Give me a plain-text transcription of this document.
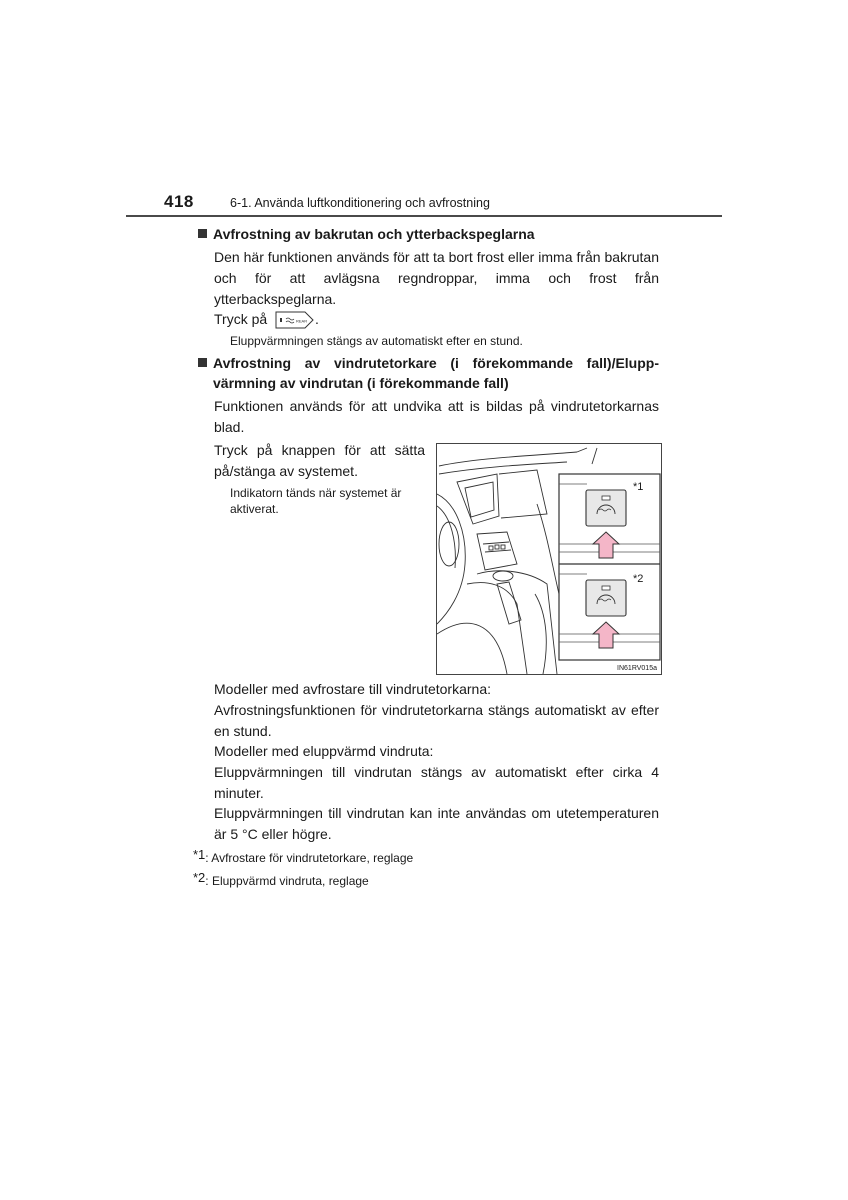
418	6-1. Använda luftkonditionering och avfrostning
Avfrostning av bakrutan och ytterbackspeglarna
Den här funktionen används för att ta bort frost eller imma från bakrutan och för att avlägsna regndroppar, imma och frost från ytterbackspeglarna.
Tryck på	REAR .
Eluppvärmningen stängs av automatiskt efter en stund.
Avfrostning av vindrutetorkare (i förekommande fall)/Elupp-
värmning av vindrutan (i förekommande fall)
Funktionen används för att undvika att is bildas på vindrutetorkarnas blad.
Tryck på knappen för att sätta på/stänga av systemet.
Indikatorn tänds när systemet är aktiverat.
*1
*2
IN61RV015a
Modeller med avfrostare till vindrutetorkarna:
Avfrostningsfunktionen för vindrutetorkarna stängs automatiskt av efter en stund.
Modeller med eluppvärmd vindruta:
Eluppvärmningen till vindrutan stängs av automatiskt efter cirka 4 minuter.
Eluppvärmningen till vindrutan kan inte användas om utetemperaturen är 5 °C eller högre.
*1: Avfrostare för vindrutetorkare, reglage
*2: Eluppvärmd vindruta, reglage
